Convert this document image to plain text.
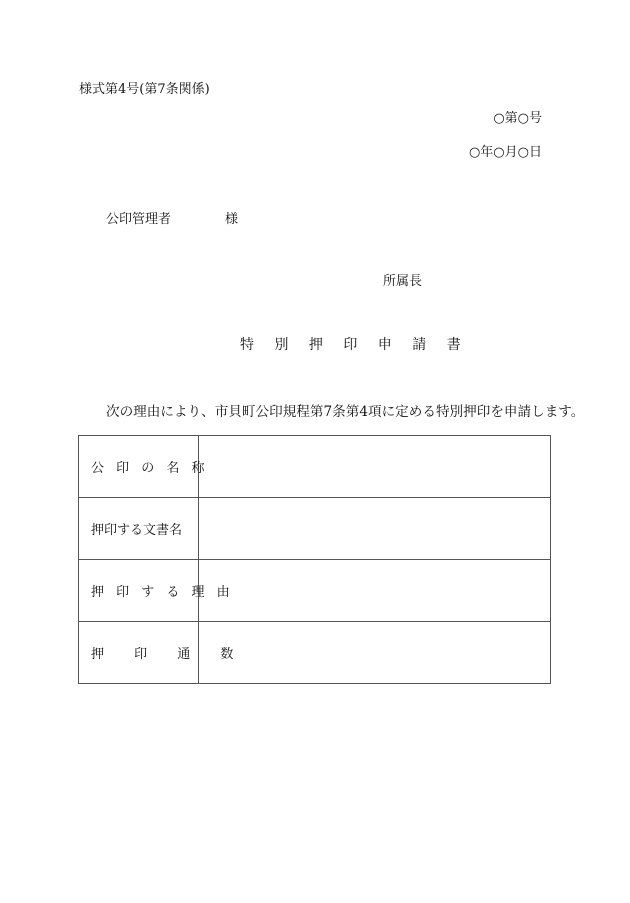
様式第4号(第7条関係)
○第○号
○年○月○日
公印管理者	様
所属長
特 別 押 印 申 請 書
次の理由により、市貝町公印規程第7条第4項に定める特別押印を申請します。
公 印 の 名 称	

押印する文書名	

押 印 す る 理 由	

押 印 通 数	
